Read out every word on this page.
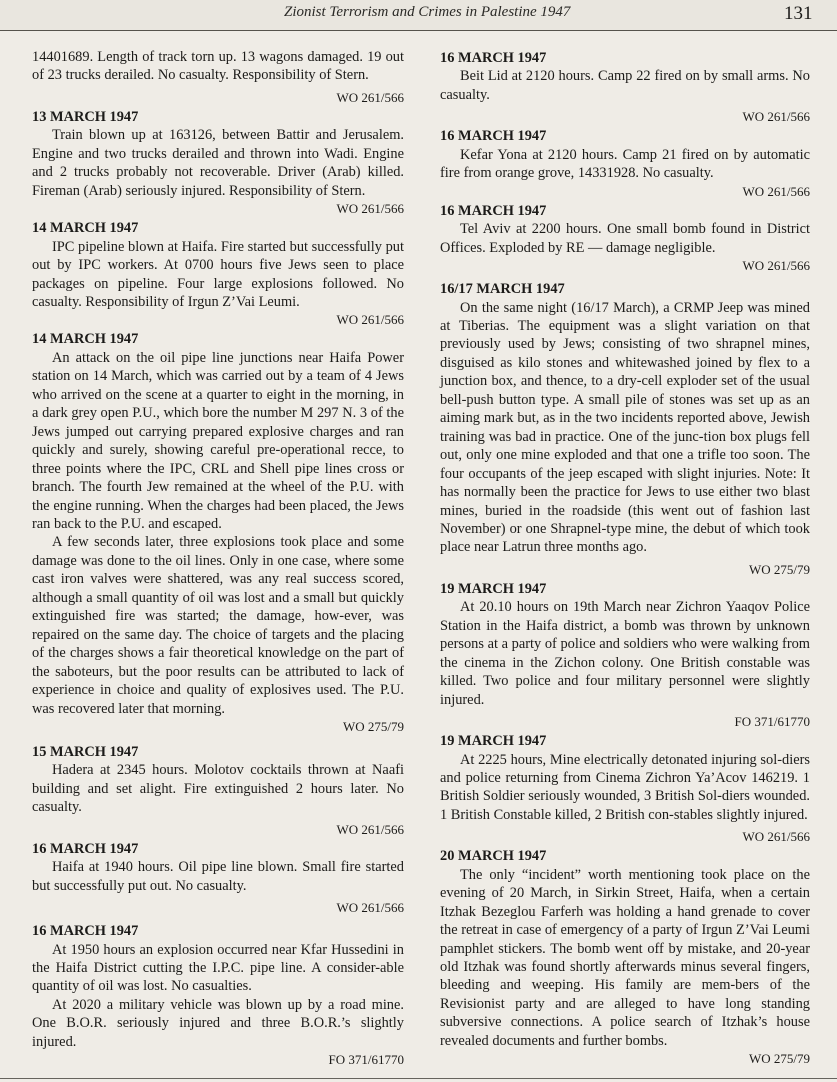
Zionist Terrorism and Crimes in Palestine 1947	131

14401689. Length of track torn up. 13 wagons damaged. 19 out of 23 trucks derailed. No casualty. Responsibility of Stern.

WO 261/566

13 MARCH 1947

Train blown up at 163126, between Battir and Jerusalem. Engine and two trucks derailed and thrown into Wadi. Engine and 2 trucks probably not recoverable. Driver (Arab) killed. Fireman (Arab) seriously injured. Responsibility of Stern.

WO 261/566

14 MARCH 1947

IPC pipeline blown at Haifa. Fire started but successfully put out by IPC workers. At 0700 hours five Jews seen to place packages on pipeline. Four large explosions followed. No casualty. Responsibility of Irgun Z’Vai Leumi.

WO 261/566

14 MARCH 1947

An attack on the oil pipe line junctions near Haifa Power station on 14 March, which was carried out by a team of 4 Jews who arrived on the scene at a quarter to eight in the morning, in a dark grey open P.U., which bore the number M 297 N. 3 of the Jews jumped out carrying prepared explosive charges and ran quickly and surely, showing careful pre-operational recce, to three points where the IPC, CRL and Shell pipe lines cross or branch. The fourth Jew remained at the wheel of the P.U. with the engine running. When the charges had been placed, the Jews ran back to the P.U. and escaped.

A few seconds later, three explosions took place and some damage was done to the oil lines. Only in one case, where some cast iron valves were shattered, was any real success scored, although a small quantity of oil was lost and a small but quickly extinguished fire was started; the damage, how-ever, was repaired on the same day. The choice of targets and the placing of the charges shows a fair theoretical knowledge on the part of the saboteurs, but the poor results can be attributed to lack of experience in choice and quality of explosives used. The P.U. was recovered later that morning.

WO 275/79

15 MARCH 1947

Hadera at 2345 hours. Molotov cocktails thrown at Naafi building and set alight. Fire extinguished 2 hours later. No casualty.

WO 261/566

16 MARCH 1947

Haifa at 1940 hours. Oil pipe line blown. Small fire started but successfully put out. No casualty.

WO 261/566

16 MARCH 1947

At 1950 hours an explosion occurred near Kfar Hussedini in the Haifa District cutting the I.P.C. pipe line. A consider-able quantity of oil was lost. No casualties.

At 2020 a military vehicle was blown up by a road mine. One B.O.R. seriously injured and three B.O.R.’s slightly injured.

FO 371/61770

16 MARCH 1947

Beit Lid at 2120 hours. Camp 22 fired on by small arms. No casualty.

WO 261/566

16 MARCH 1947

Kefar Yona at 2120 hours. Camp 21 fired on by automatic fire from orange grove, 14331928. No casualty.

WO 261/566

16 MARCH 1947

Tel Aviv at 2200 hours. One small bomb found in District Offices. Exploded by RE — damage negligible.

WO 261/566

16/17 MARCH 1947

On the same night (16/17 March), a CRMP Jeep was mined at Tiberias. The equipment was a slight variation on that previously used by Jews; consisting of two shrapnel mines, disguised as kilo stones and whitewashed joined by flex to a junction box, and thence, to a dry-cell exploder set of the usual bell-push button type. A small pile of stones was set up as an aiming mark but, as in the two incidents reported above, Jewish training was bad in practice. One of the junc-tion box plugs fell out, only one mine exploded and that one a trifle too soon. The four occupants of the jeep escaped with slight injuries. Note: It has normally been the practice for Jews to use either two blast mines, buried in the roadside (this went out of fashion last November) or one Shrapnel-type mine, the debut of which took place near Latrun three months ago.

WO 275/79

19 MARCH 1947

At 20.10 hours on 19th March near Zichron Yaaqov Police Station in the Haifa district, a bomb was thrown by unknown persons at a party of police and soldiers who were walking from the cinema in the Zichon colony. One British constable was killed. Two police and four military personnel were slightly injured.

FO 371/61770

19 MARCH 1947

At 2225 hours, Mine electrically detonated injuring sol-diers and police returning from Cinema Zichron Ya’Acov 146219. 1 British Soldier seriously wounded, 3 British Sol-diers wounded. 1 British Constable killed, 2 British con-stables slightly injured.

WO 261/566

20 MARCH 1947

The only “incident” worth mentioning took place on the evening of 20 March, in Sirkin Street, Haifa, when a certain Itzhak Bezeglou Farferh was holding a hand grenade to cover the retreat in case of emergency of a party of Irgun Z’Vai Leumi pamphlet stickers. The bomb went off by mistake, and 20-year old Itzhak was found shortly afterwards minus several fingers, bleeding and weeping. His family are mem-bers of the Revisionist party and are alleged to have long standing subversive connections. A police search of Itzhak’s house revealed documents and further bombs.

WO 275/79
